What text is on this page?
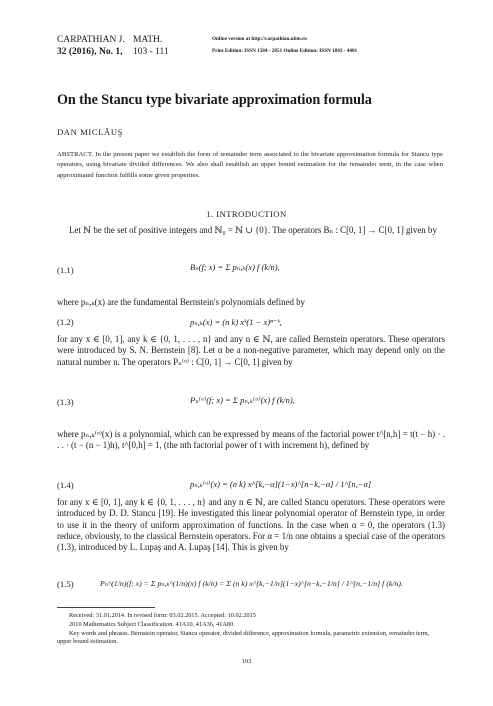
CARPATHIAN J. MATH.
32 (2016), No. 1, 103 - 111
Online version at http://carpathian.ubm.ro
Print Edition: ISSN 1584 - 2851 Online Edition: ISSN 1843 - 4401
On the Stancu type bivariate approximation formula
DAN MICLĂUŞ
ABSTRACT. In the present paper we establish the form of remainder term associated to the bivariate approximation formula for Stancu type operators, using bivariate divided differences. We also shall establish an upper bound estimation for the remainder term, in the case when approximated function fulfills some given properties.
1. INTRODUCTION
Let ℕ be the set of positive integers and ℕ₀ = ℕ ∪ {0}. The operators Bₙ : C[0, 1] → C[0, 1] given by
(1.1)	Bₙ(f; x) = Σ pₙ,ₖ(x) f (k/n),
where pₙ,ₖ(x) are the fundamental Bernstein's polynomials defined by
(1.2)	pₙ,ₖ(x) = (n k) xᵏ(1 − x)ⁿ⁻ᵏ,
for any x ∈ [0, 1], any k ∈ {0, 1, . . . , n} and any n ∈ ℕ, are called Bernstein operators. These operators were introduced by S. N. Bernstein [8]. Let α be a non-negative parameter, which may depend only on the natural number n. The operators Pₙ⁽ᵅ⁾ : C[0, 1] → C[0, 1] given by
(1.3)	Pₙ⁽ᵅ⁾(f; x) = Σ pₙ,ₖ⁽ᵅ⁾(x) f (k/n),
where pₙ,ₖ⁽ᵅ⁾(x) is a polynomial, which can be expressed by means of the factorial power t^[n,h] = t(t − h) · . . . · (t − (n − 1)h), t^[0,h] = 1, (the nth factorial power of t with increment h), defined by
(1.4)	pₙ,ₖ⁽ᵅ⁾(x) = (n k) x^[k,−α](1−x)^[n−k,−α] / 1^[n,−α]
for any x ∈ [0, 1], any k ∈ {0, 1, . . . , n} and any n ∈ ℕ, are called Stancu operators. These operators were introduced by D. D. Stancu [19]. He investigated this linear polynomial operator of Bernstein type, in order to use it in the theory of uniform approximation of functions. In the case when α = 0, the operators (1.3) reduce, obviously, to the classical Bernstein operators. For α = 1/n one obtains a special case of the operators (1.3), introduced by L. Lupaş and A. Lupaş [14]. This is given by
(1.5)	Pₙ^(1/n)(f; x) = Σ pₙ,ₖ^(1/n)(x) f (k/n) = Σ (n k) x^[k,−1/n](1−x)^[n−k,−1/n] / 1^[n,−1/n] f (k/n).
Received: 31.01.2014. In revised form: 03.02.2015. Accepted: 10.02.2015
2010 Mathematics Subject Classification. 41A10, 41A36, 41A80.
Key words and phrases. Bernstein operator, Stancu operator, divided difference, approximation formula, parametric extension, remainder term, upper bound estimation.
103
